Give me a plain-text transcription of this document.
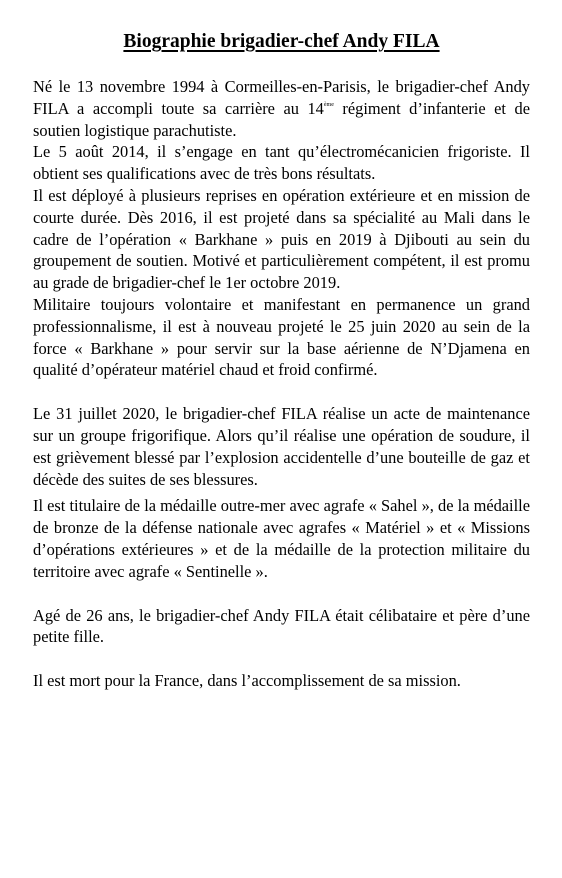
Biographie brigadier-chef Andy FILA

Né le 13 novembre 1994 à Cormeilles-en-Parisis, le brigadier-chef Andy FILA a accompli toute sa carrière au 14ème régiment d’infanterie et de soutien logistique parachutiste.

Le 5 août 2014, il s’engage en tant qu’électromécanicien frigoriste. Il obtient ses qualifications avec de très bons résultats.

Il est déployé à plusieurs reprises en opération extérieure et en mission de courte durée. Dès 2016, il est projeté dans sa spécialité au Mali dans le cadre de l’opération « Barkhane » puis en 2019 à Djibouti au sein du groupement de soutien. Motivé et particulièrement compétent, il est promu au grade de brigadier-chef le 1er octobre 2019.

Militaire toujours volontaire et manifestant en permanence un grand professionnalisme, il est à nouveau projeté le 25 juin 2020 au sein de la force « Barkhane » pour servir sur la base aérienne de N’Djamena en qualité d’opérateur matériel chaud et froid confirmé.

Le 31 juillet 2020, le brigadier-chef FILA réalise un acte de maintenance sur un groupe frigorifique. Alors qu’il réalise une opération de soudure, il est grièvement blessé par l’explosion accidentelle d’une bouteille de gaz et décède des suites de ses blessures.

Il est titulaire de la médaille outre-mer avec agrafe « Sahel », de la médaille de bronze de la défense nationale avec agrafes « Matériel » et « Missions d’opérations extérieures » et de la médaille de la protection militaire du territoire avec agrafe « Sentinelle ».

Agé de 26 ans, le brigadier-chef Andy FILA était célibataire et père d’une petite fille.

Il est mort pour la France, dans l’accomplissement de sa mission.
